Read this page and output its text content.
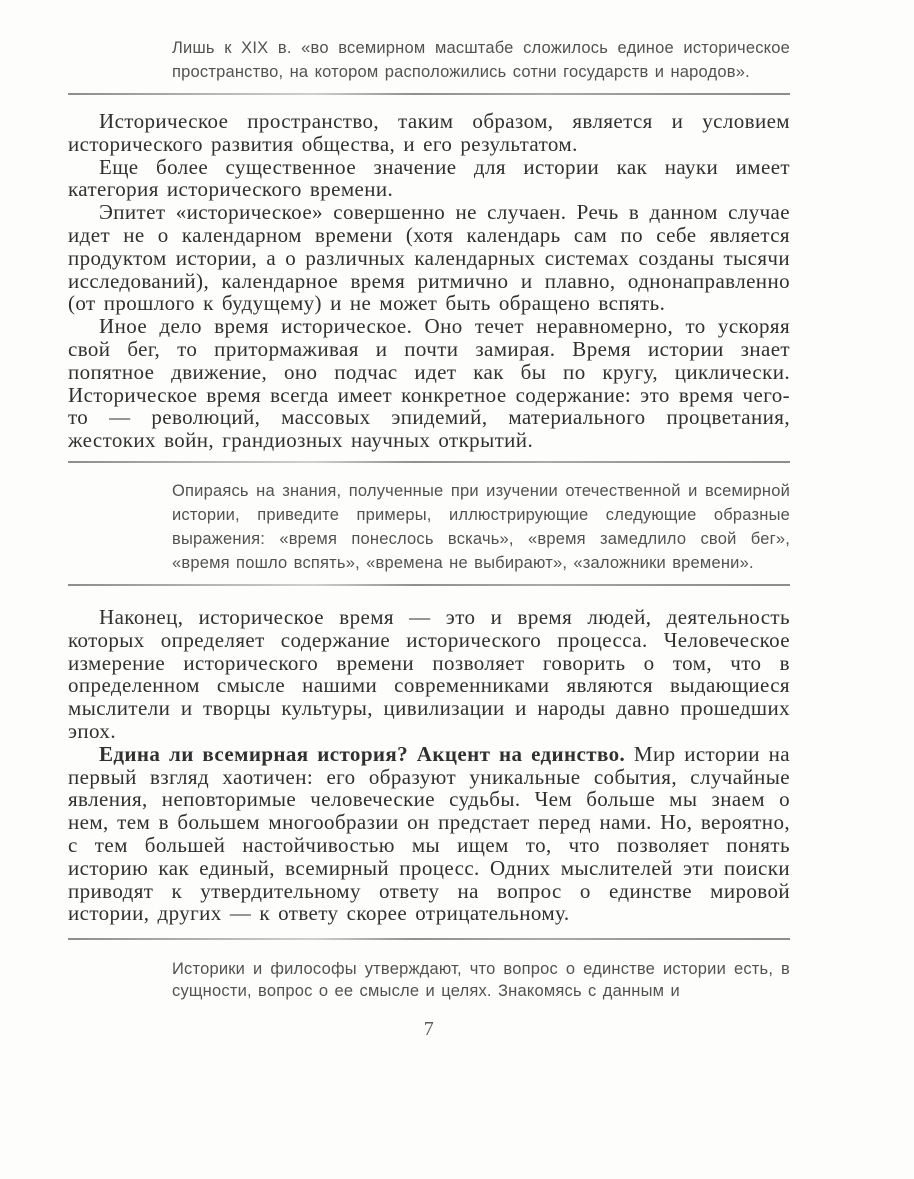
Лишь к XIX в. «во всемирном масштабе сложилось единое историческое пространство, на котором расположились сотни государств и народов».

Историческое пространство, таким образом, является и условием исторического развития общества, и его результатом.

Еще более существенное значение для истории как науки имеет категория исторического времени.

Эпитет «историческое» совершенно не случаен. Речь в данном случае идет не о календарном времени (хотя календарь сам по себе является продуктом истории, а о различных календарных системах созданы тысячи исследований), календарное время ритмично и плавно, однонаправленно (от прошлого к будущему) и не может быть обращено вспять.

Иное дело время историческое. Оно течет неравномерно, то ускоряя свой бег, то притормаживая и почти замирая. Время истории знает попятное движение, оно подчас идет как бы по кругу, циклически. Историческое время всегда имеет конкретное содержание: это время чего-то — революций, массовых эпидемий, материального процветания, жестоких войн, грандиозных научных открытий.

Опираясь на знания, полученные при изучении отечественной и всемирной истории, приведите примеры, иллюстрирующие следующие образные выражения: «время понеслось вскачь», «время замедлило свой бег», «время пошло вспять», «времена не выбирают», «заложники времени».

Наконец, историческое время — это и время людей, деятельность которых определяет содержание исторического процесса. Человеческое измерение исторического времени позволяет говорить о том, что в определенном смысле нашими современниками являются выдающиеся мыслители и творцы культуры, цивилизации и народы давно прошедших эпох.

Едина ли всемирная история? Акцент на единство. Мир истории на первый взгляд хаотичен: его образуют уникальные события, случайные явления, неповторимые человеческие судьбы. Чем больше мы знаем о нем, тем в большем многообразии он предстает перед нами. Но, вероятно, с тем большей настойчивостью мы ищем то, что позволяет понять историю как единый, всемирный процесс. Одних мыслителей эти поиски приводят к утвердительному ответу на вопрос о единстве мировой истории, других — к ответу скорее отрицательному.

Историки и философы утверждают, что вопрос о единстве истории есть, в сущности, вопрос о ее смысле и целях. Знакомясь с данным и

7
